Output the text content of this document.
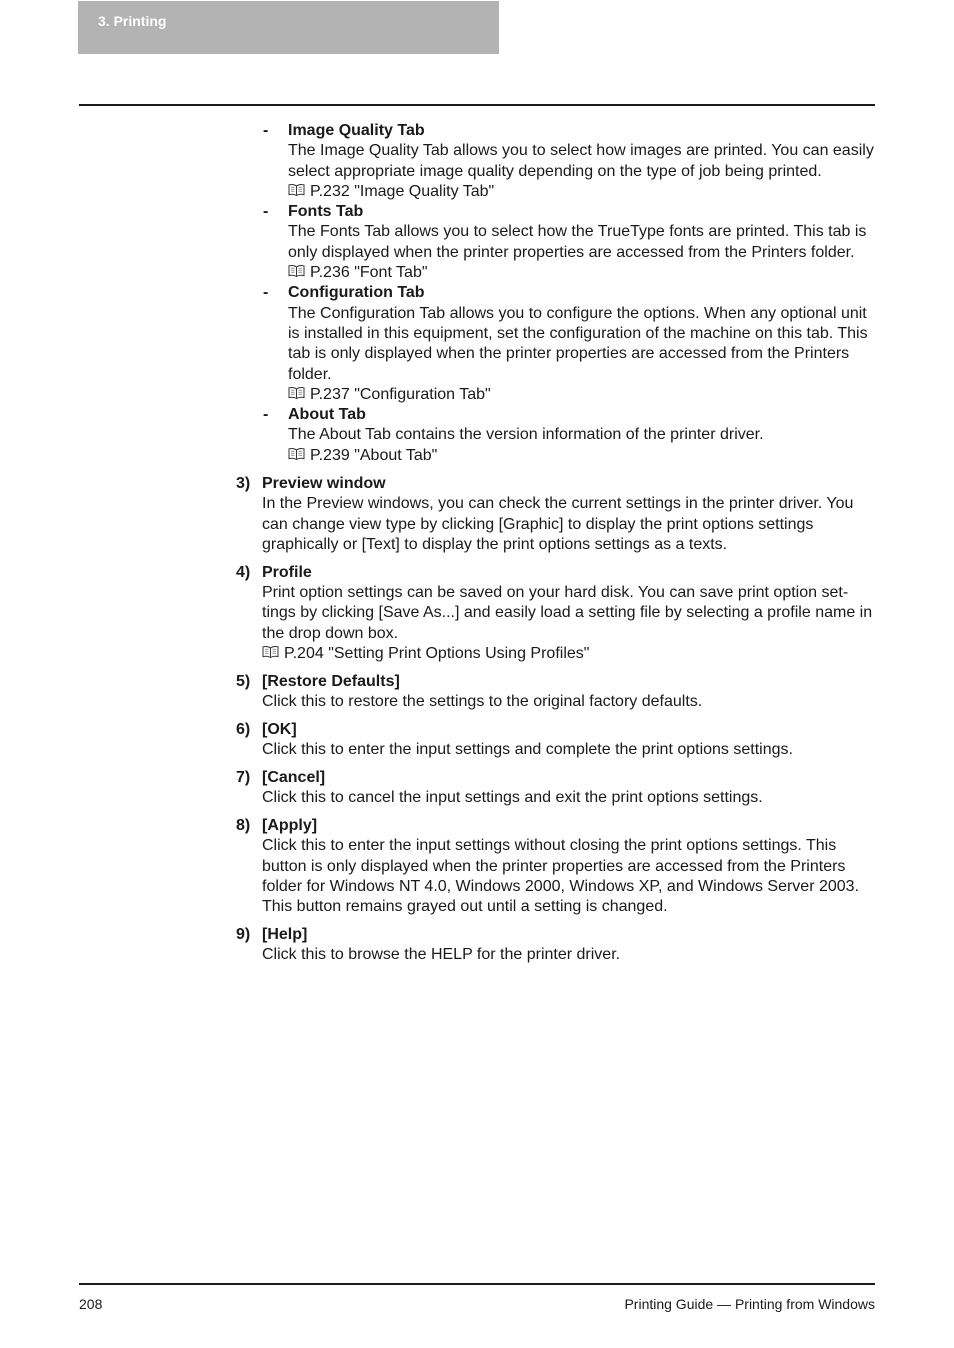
3. Printing
- Image Quality Tab
The Image Quality Tab allows you to select how images are printed. You can easily select appropriate image quality depending on the type of job being printed.
P.232 "Image Quality Tab"
- Fonts Tab
The Fonts Tab allows you to select how the TrueType fonts are printed. This tab is only displayed when the printer properties are accessed from the Printers folder.
P.236 "Font Tab"
- Configuration Tab
The Configuration Tab allows you to configure the options. When any optional unit is installed in this equipment, set the configuration of the machine on this tab. This tab is only displayed when the printer properties are accessed from the Printers folder.
P.237 "Configuration Tab"
- About Tab
The About Tab contains the version information of the printer driver.
P.239 "About Tab"
3) Preview window
In the Preview windows, you can check the current settings in the printer driver. You can change view type by clicking [Graphic] to display the print options settings graphically or [Text] to display the print options settings as a texts.
4) Profile
Print option settings can be saved on your hard disk. You can save print option set-tings by clicking [Save As...] and easily load a setting file by selecting a profile name in the drop down box.
P.204 "Setting Print Options Using Profiles"
5) [Restore Defaults]
Click this to restore the settings to the original factory defaults.
6) [OK]
Click this to enter the input settings and complete the print options settings.
7) [Cancel]
Click this to cancel the input settings and exit the print options settings.
8) [Apply]
Click this to enter the input settings without closing the print options settings. This button is only displayed when the printer properties are accessed from the Printers folder for Windows NT 4.0, Windows 2000, Windows XP, and Windows Server 2003. This button remains grayed out until a setting is changed.
9) [Help]
Click this to browse the HELP for the printer driver.
208	Printing Guide — Printing from Windows
